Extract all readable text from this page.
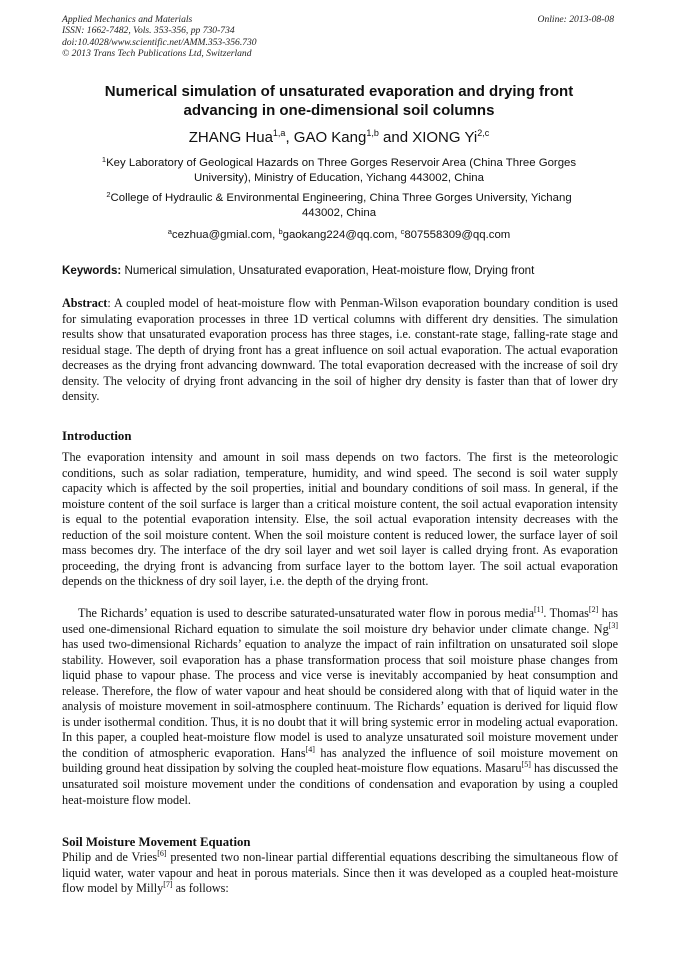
Applied Mechanics and Materials
ISSN: 1662-7482, Vols. 353-356, pp 730-734
doi:10.4028/www.scientific.net/AMM.353-356.730
© 2013 Trans Tech Publications Ltd, Switzerland
Online: 2013-08-08
Numerical simulation of unsaturated evaporation and drying front
advancing in one-dimensional soil columns
ZHANG Hua$^{1,a}$, GAO Kang$^{1,b}$ and XIONG Yi$^{2,c}$
$^1$Key Laboratory of Geological Hazards on Three Gorges Reservoir Area (China Three Gorges
University), Ministry of Education, Yichang 443002, China
$^2$College of Hydraulic & Environmental Engineering, China Three Gorges University, Yichang
443002, China
$^a$cezhua@gmial.com, $^b$gaokang224@qq.com, $^c$807558309@qq.com
Keywords: Numerical simulation, Unsaturated evaporation, Heat-moisture flow, Drying front
Abstract: A coupled model of heat-moisture flow with Penman-Wilson evaporation boundary condition is used for simulating evaporation processes in three 1D vertical columns with different dry densities. The simulation results show that unsaturated evaporation process has three stages, i.e. constant-rate stage, falling-rate stage and residual stage. The depth of drying front has a great influence on soil actual evaporation. The actual evaporation decreases as the drying front advancing downward. The total evaporation decreased with the increase of soil dry density. The velocity of drying front advancing in the soil of higher dry density is faster than that of lower dry density.
Introduction
The evaporation intensity and amount in soil mass depends on two factors. The first is the meteorologic conditions, such as solar radiation, temperature, humidity, and wind speed. The second is soil water supply capacity which is affected by the soil properties, initial and boundary conditions of soil mass. In general, if the moisture content of the soil surface is larger than a critical moisture content, the soil actual evaporation intensity is equal to the potential evaporation intensity. Else, the soil actual evaporation intensity decreases with the reduction of the soil moisture content. When the soil moisture content is reduced lower, the surface layer of soil mass becomes dry. The interface of the dry soil layer and wet soil layer is called drying front. As evaporation proceeding, the drying front is advancing from surface layer to the bottom layer. The soil actual evaporation depends on the thickness of dry soil layer, i.e. the depth of the drying front.
The Richards’ equation is used to describe saturated-unsaturated water flow in porous media[1]. Thomas[2] has used one-dimensional Richard equation to simulate the soil moisture dry behavior under climate change. Ng[3] has used two-dimensional Richards’ equation to analyze the impact of rain infiltration on unsaturated soil slope stability. However, soil evaporation has a phase transformation process that soil moisture phase changes from liquid phase to vapour phase. The process and vice verse is inevitably accompanied by heat consumption and release. Therefore, the flow of water vapour and heat should be considered along with that of liquid water in the analysis of moisture movement in soil-atmosphere continuum. The Richards’ equation is derived for liquid flow is under isothermal condition. Thus, it is no doubt that it will bring systemic error in modeling actual evaporation. In this paper, a coupled heat-moisture flow model is used to analyze unsaturated soil moisture movement under the condition of atmospheric evaporation. Hans[4] has analyzed the influence of soil moisture movement on building ground heat dissipation by solving the coupled heat-moisture flow equations. Masaru[5] has discussed the unsaturated soil moisture movement under the conditions of condensation and evaporation by using a coupled heat-moisture flow model.
Soil Moisture Movement Equation
Philip and de Vries[6] presented two non-linear partial differential equations describing the simultaneous flow of liquid water, water vapour and heat in porous materials. Since then it was developed as a coupled heat-moisture flow model by Milly[7] as follows:
